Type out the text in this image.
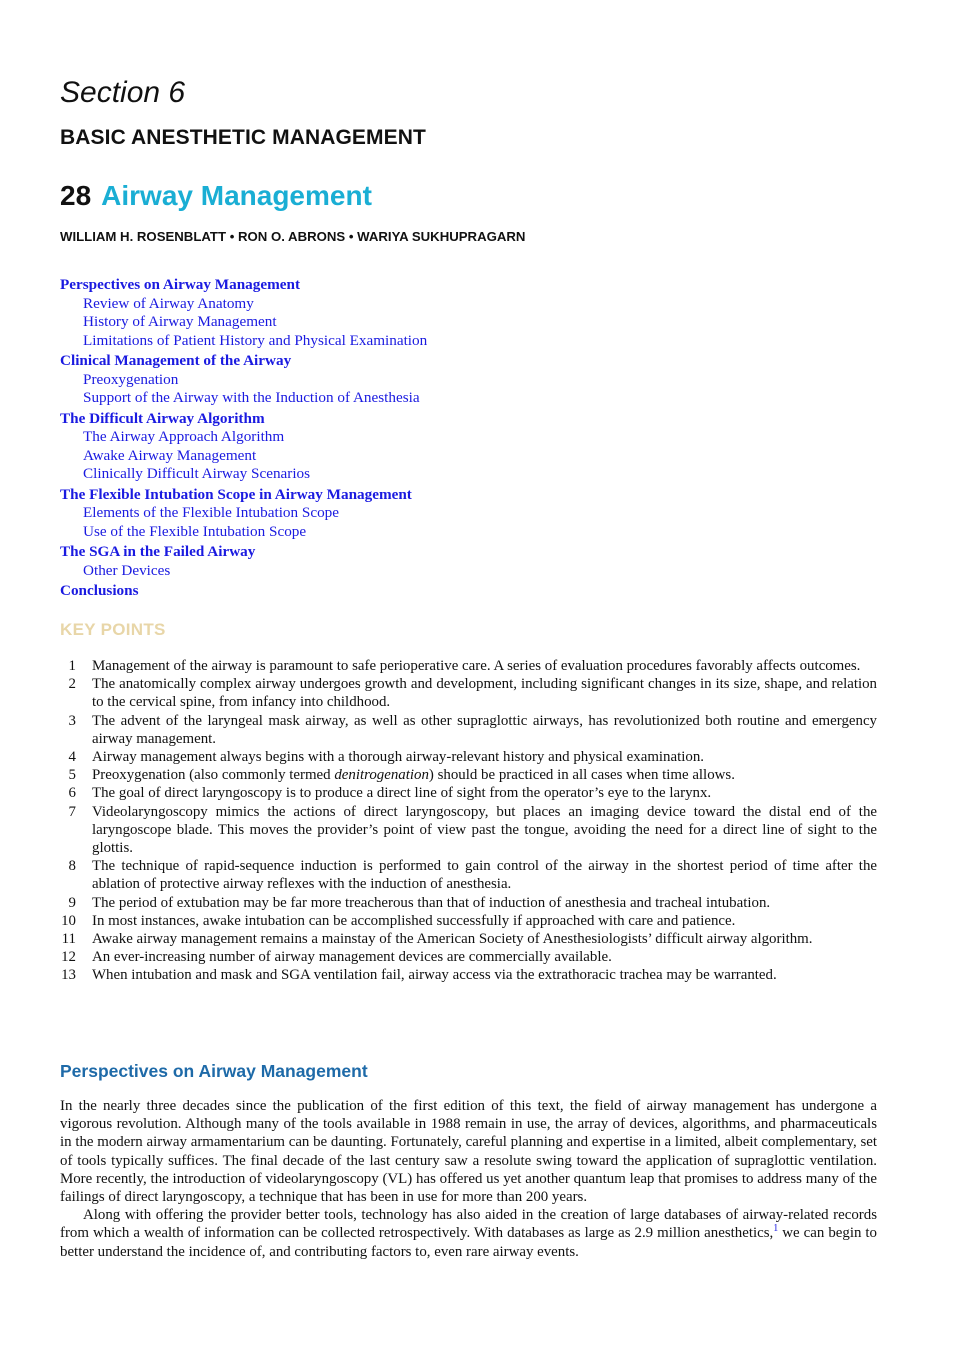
Section 6
BASIC ANESTHETIC MANAGEMENT
28 Airway Management

WILLIAM H. ROSENBLATT • RON O. ABRONS • WARIYA SUKHUPRAGARN

Perspectives on Airway Management
Review of Airway Anatomy
History of Airway Management
Limitations of Patient History and Physical Examination
Clinical Management of the Airway
Preoxygenation
Support of the Airway with the Induction of Anesthesia
The Difficult Airway Algorithm
The Airway Approach Algorithm
Awake Airway Management
Clinically Difficult Airway Scenarios
The Flexible Intubation Scope in Airway Management
Elements of the Flexible Intubation Scope
Use of the Flexible Intubation Scope
The SGA in the Failed Airway
Other Devices
Conclusions
KEY POINTS
1 Management of the airway is paramount to safe perioperative care. A series of evaluation procedures favorably affects outcomes.
2 The anatomically complex airway undergoes growth and development, including significant changes in its size, shape, and relation to the cervical spine, from infancy into childhood.
3 The advent of the laryngeal mask airway, as well as other supraglottic airways, has revolutionized both routine and emergency airway management.
4 Airway management always begins with a thorough airway-relevant history and physical examination.
5 Preoxygenation (also commonly termed denitrogenation) should be practiced in all cases when time allows.
6 The goal of direct laryngoscopy is to produce a direct line of sight from the operator’s eye to the larynx.
7 Videolaryngoscopy mimics the actions of direct laryngoscopy, but places an imaging device toward the distal end of the laryngoscope blade. This moves the provider’s point of view past the tongue, avoiding the need for a direct line of sight to the glottis.
8 The technique of rapid-sequence induction is performed to gain control of the airway in the shortest period of time after the ablation of protective airway reflexes with the induction of anesthesia.
9 The period of extubation may be far more treacherous than that of induction of anesthesia and tracheal intubation.
10 In most instances, awake intubation can be accomplished successfully if approached with care and patience.
11 Awake airway management remains a mainstay of the American Society of Anesthesiologists’ difficult airway algorithm.
12 An ever-increasing number of airway management devices are commercially available.
13 When intubation and mask and SGA ventilation fail, airway access via the extrathoracic trachea may be warranted.
Perspectives on Airway Management

In the nearly three decades since the publication of the first edition of this text, the field of airway management has undergone a vigorous revolution. Although many of the tools available in 1988 remain in use, the array of devices, algorithms, and pharmaceuticals in the modern airway armamentarium can be daunting. Fortunately, careful planning and expertise in a limited, albeit complementary, set of tools typically suffices. The final decade of the last century saw a resolute swing toward the application of supraglottic ventilation. More recently, the introduction of videolaryngoscopy (VL) has offered us yet another quantum leap that promises to address many of the failings of direct laryngoscopy, a technique that has been in use for more than 200 years.

Along with offering the provider better tools, technology has also aided in the creation of large databases of airway-related records from which a wealth of information can be collected retrospectively. With databases as large as 2.9 million anesthetics,$^1$ we can begin to better understand the incidence of, and contributing factors to, even rare airway events.
